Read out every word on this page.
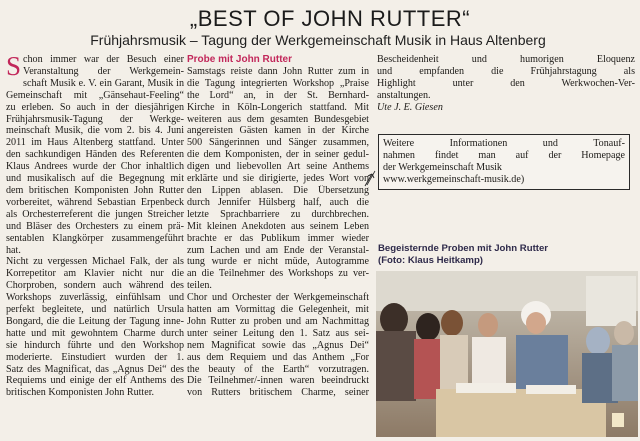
„BEST OF JOHN RUTTER“
Frühjahrsmusik – Tagung der Werkgemeinschaft Musik in Haus Altenberg
S chon immer war der Besuch einer
Veranstaltung der Werkgemein-
schaft Musik e. V. ein Garant, Musik in
Gemeinschaft mit „Gänsehaut-Feeling“
zu erleben. So auch in der diesjährigen
Frühjahrsmusik-Tagung der Werkge-
meinschaft Musik, die vom 2. bis 4. Juni
2011 im Haus Altenberg stattfand. Unter
den sachkundigen Händen des Referenten
Klaus Andrees wurde der Chor inhaltlich
und musikalisch auf die Begegnung mit
dem britischen Komponisten John Rutter
vorbereitet, während Sebastian Erpenbeck
als Orchesterreferent die jungen Streicher
und Bläser des Orchesters zu einem prä-
sentablen Klangkörper zusammengeführt
hat.
Nicht zu vergessen Michael Falk, der als
Korrepetitor am Klavier nicht nur die
Chorproben, sondern auch während des
Workshops zuverlässig, einfühlsam und
perfekt begleitete, und natürlich Ursula
Bongard, die die Leitung der Tagung inne-
hatte und mit gewohntem Charme durch
sie hindurch führte und den Workshop
moderierte. Einstudiert wurden der 1.
Satz des Magnificat, das „Agnus Dei“ des
Requiems und einige der elf Anthems des
britischen Komponisten John Rutter.
Probe mit John Rutter
Samstags reiste dann John Rutter zum in
die Tagung integrierten Workshop „Praise
the Lord“ an, in der St. Bernhard-
Kirche in Köln-Longerich stattfand. Mit
weiteren aus dem gesamten Bundesgebiet
angereisten Gästen kamen in der Kirche
500 Sängerinnen und Sänger zusammen,
die dem Komponisten, der in seiner gedul-
digen und liebevollen Art seine Anthems
erklärte und sie dirigierte, jedes Wort von
den Lippen ablasen. Die Übersetzung
durch Jennifer Hülsberg half, auch die
letzte Sprachbarriere zu durchbrechen.
Mit kleinen Anekdoten aus seinem Leben
brachte er das Publikum immer wieder
zum Lachen und am Ende der Veranstal-
tung wurde er nicht müde, Autogramme
an die Teilnehmer des Workshops zu ver-
teilen.
Chor und Orchester der Werkgemeinschaft
hatten am Vormittag die Gelegenheit, mit
John Rutter zu proben und am Nachmittag
unter seiner Leitung den 1. Satz aus sei-
nem Magnificat sowie das „Agnus Dei“
aus dem Requiem und das Anthem „For
the beauty of the Earth“ vorzutragen.
Die Teilnehmer/-innen waren beeindruckt
von Rutters britischem Charme, seiner
Bescheidenheit und humorigen Eloquenz
und empfanden die Frühjahrstagung als
Highlight unter den Werkwochen-Ver-
anstaltungen.
Ute J. E. Giesen
Weitere Informationen und Tonauf-
nahmen findet man auf der Homepage
der Werkgemeinschaft Musik
www.werkgemeinschaft-musik.de)
Begeisternde Proben mit John Rutter
(Foto: Klaus Heitkamp)
